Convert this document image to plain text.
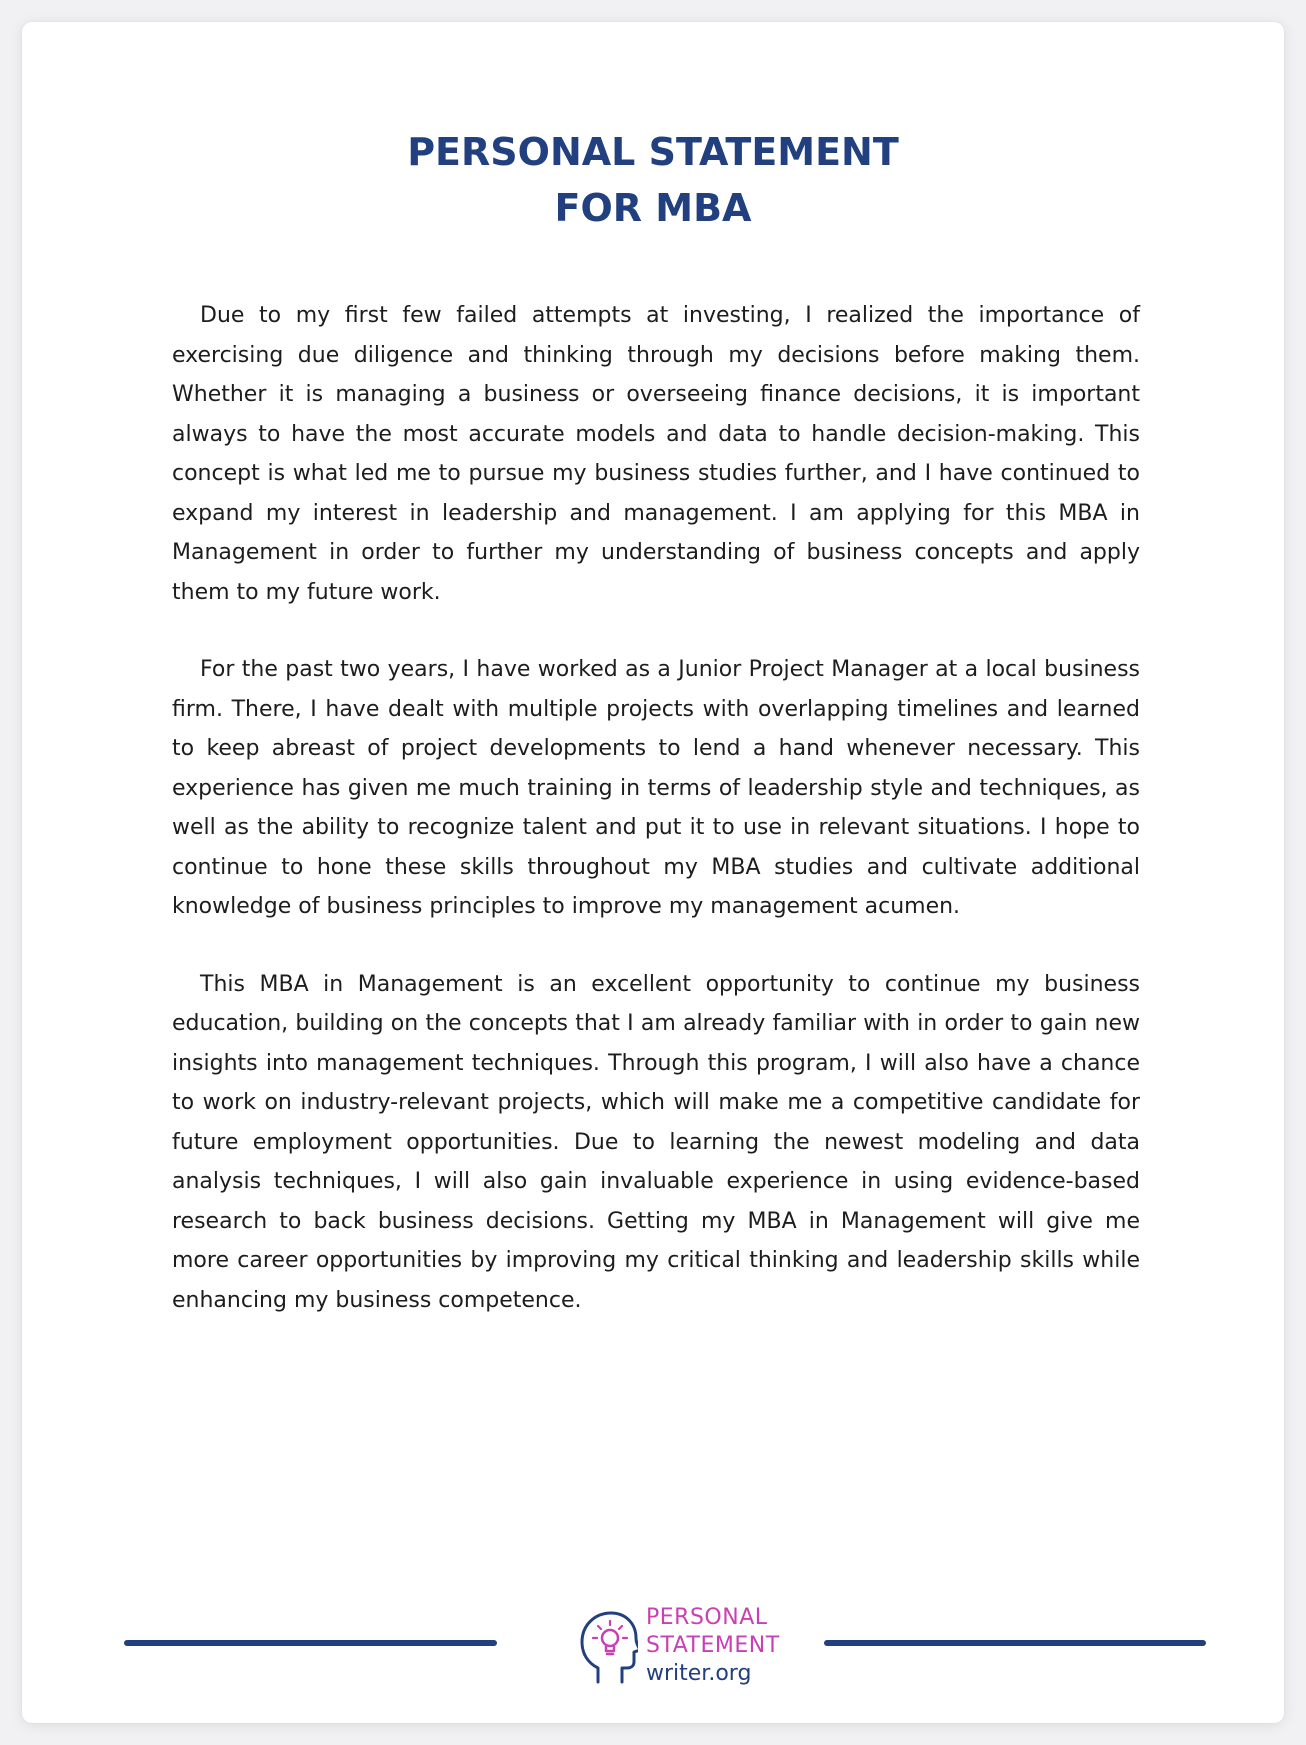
PERSONAL STATEMENT
FOR MBA

Due to my first few failed attempts at investing, I realized the importance of exercising due diligence and thinking through my decisions before making them. Whether it is managing a business or overseeing finance decisions, it is important always to have the most accurate models and data to handle decision-making. This concept is what led me to pursue my business studies further, and I have continued to expand my interest in leadership and management. I am applying for this MBA in Management in order to further my understanding of business concepts and apply them to my future work.

For the past two years, I have worked as a Junior Project Manager at a local business firm. There, I have dealt with multiple projects with overlapping timelines and learned to keep abreast of project developments to lend a hand whenever necessary. This experience has given me much training in terms of leadership style and techniques, as well as the ability to recognize talent and put it to use in relevant situations. I hope to continue to hone these skills throughout my MBA studies and cultivate additional knowledge of business principles to improve my management acumen.

This MBA in Management is an excellent opportunity to continue my business education, building on the concepts that I am already familiar with in order to gain new insights into management techniques. Through this program, I will also have a chance to work on industry-relevant projects, which will make me a competitive candidate for future employment opportunities. Due to learning the newest modeling and data analysis techniques, I will also gain invaluable experience in using evidence-based research to back business decisions. Getting my MBA in Management will give me more career opportunities by improving my critical thinking and leadership skills while enhancing my business competence.

PERSONAL
STATEMENT
writer.org
